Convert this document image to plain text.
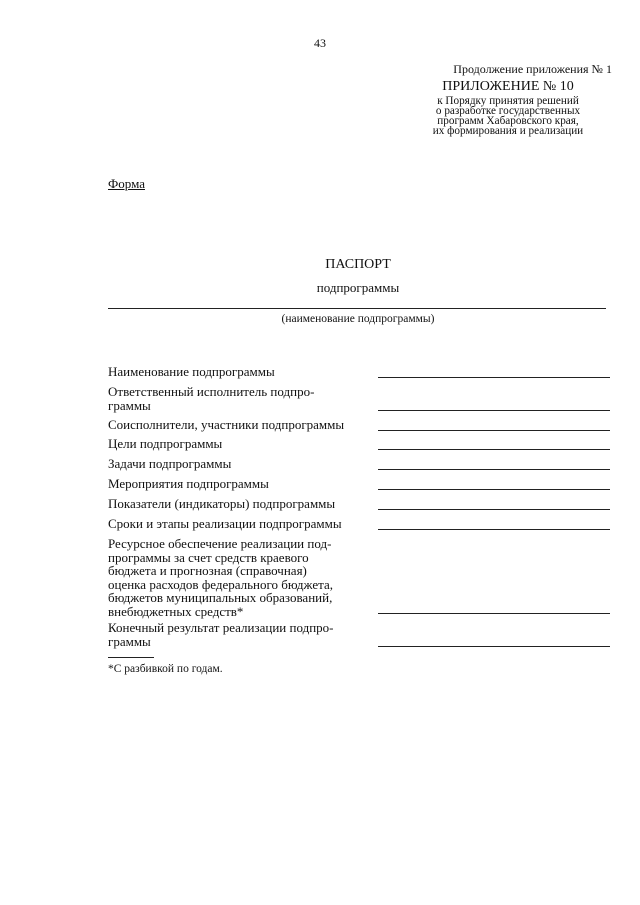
43
Продолжение приложения № 1
ПРИЛОЖЕНИЕ № 10
к Порядку принятия решений
о разработке государственных
программ Хабаровского края,
их формирования и реализации
Форма
ПАСПОРТ
подпрограммы
(наименование подпрограммы)
Наименование подпрограммы
Ответственный исполнитель подпро-
граммы
Соисполнители, участники подпрограммы
Цели подпрограммы
Задачи подпрограммы
Мероприятия подпрограммы
Показатели (индикаторы) подпрограммы
Сроки и этапы реализации подпрограммы
Ресурсное обеспечение реализации под-
программы за счет средств краевого
бюджета и прогнозная (справочная)
оценка расходов федерального бюджета,
бюджетов муниципальных образований,
внебюджетных средств*
Конечный результат реализации подпро-
граммы
*С разбивкой по годам.
